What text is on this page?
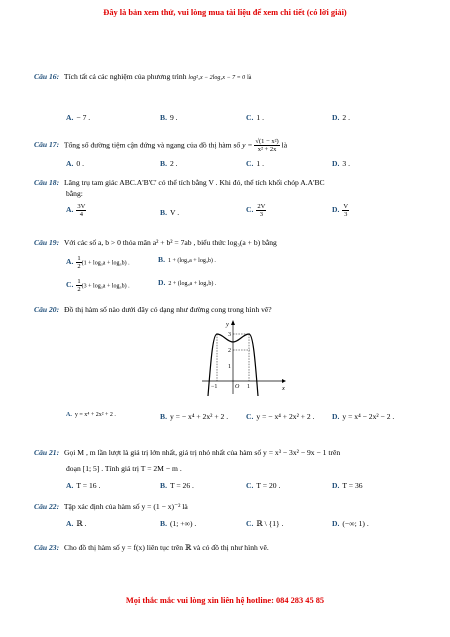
Đây là bản xem thử, vui lòng mua tài liệu để xem chi tiết (có lời giải)
Câu 16: Tích tất cả các nghiệm của phương trình log²₃x − 2log₃x − 7 = 0 là
A. − 7 .	B. 9 .	C. 1 .	D. 2 .
Câu 17: Tổng số đường tiệm cận đứng và ngang của đồ thị hàm số $y = \frac{\text{√(1 − x²)}}{\text{x² + 2x}}$ là
A. 0 .	B. 2 .	C. 1 .	D. 3 .
Câu 18: Lăng trụ tam giác ABC.A'B'C' có thể tích bằng V . Khi đó, thể tích khối chóp A.A'BC
bằng:
A. $\frac{3V}{4}$	B. V .	C. $\frac{2V}{3}$	D. $\frac{V}{3}$
Câu 19: Với các số a, b > 0 thỏa mãn a² + b² = 7ab , biểu thức log₃(a + b) bằng
A. $\frac{1}{2} (1 + \log_3a + \log_3b)$ .	B. 1 + (log₃a + log₃b) .
C. $\frac{1}{2} (3 + \log_3a + \log_3b)$ .	D. 2 + (log₃a + log₃b) .
Câu 20: Đồ thị hàm số nào dưới đây có dạng như đường cong trong hình vẽ?
y
x
3
2
1
−1	O 1
A. y = x⁴ + 2x² + 2 .	B. y = − x⁴ + 2x² + 2 . C. y = − x⁴ + 2x² + 2 . D. y = x⁴ − 2x² − 2 .
Câu 21: Gọi M , m lần lượt là giá trị lớn nhất, giá trị nhỏ nhất của hàm số y = x³ − 3x² − 9x − 1 trên
đoạn [1; 5] . Tính giá trị T = 2M − m .
A. T = 16 .	B. T = 26 .	C. T = 20 .	D. T = 36
Câu 22: Tập xác định của hàm số y = (1 − x)⁻² là
A. ℝ .	B. (1; +∞) .	C. ℝ \ {1} .	D. (−∞; 1) .
Câu 23: Cho đồ thị hàm số y = f(x) liên tục trên ℝ và có đồ thị như hình vẽ.
Mọi thắc mắc vui lòng xin liên hệ hotline: 084 283 45 85
